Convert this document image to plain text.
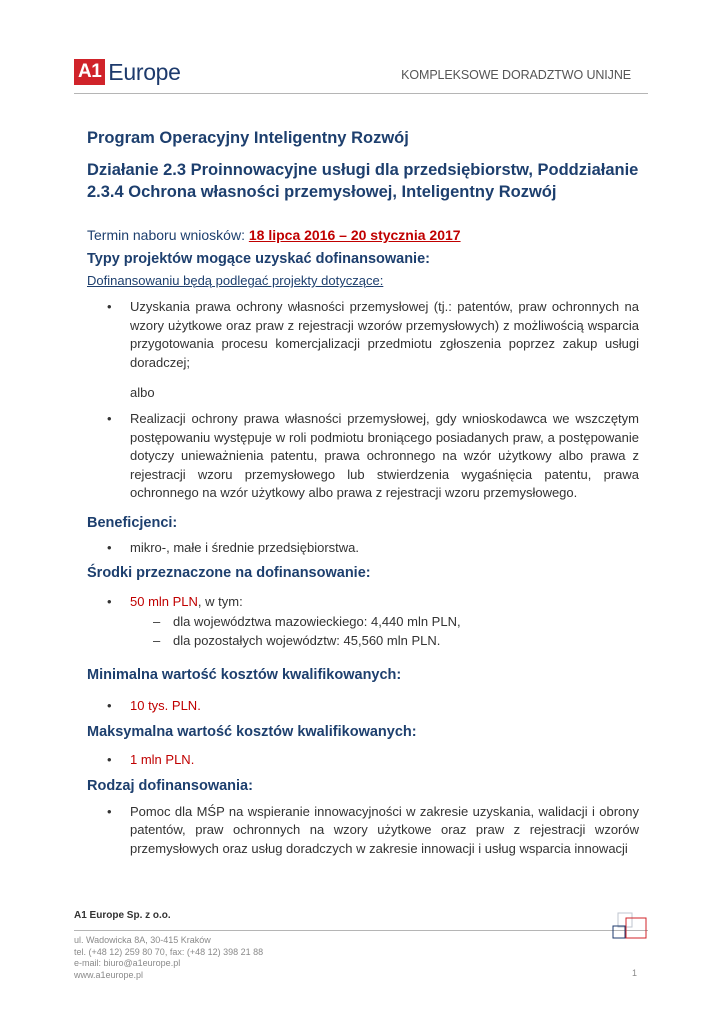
A1 Europe	KOMPLEKSOWE DORADZTWO UNIJNE
Program Operacyjny Inteligentny Rozwój
Działanie 2.3 Proinnowacyjne usługi dla przedsiębiorstw, Poddziałanie
2.3.4 Ochrona własności przemysłowej, Inteligentny Rozwój
Termin naboru wniosków: 18 lipca 2016 – 20 stycznia 2017
Typy projektów mogące uzyskać dofinansowanie:
Dofinansowaniu będą podlegać projekty dotyczące:
• Uzyskania prawa ochrony własności przemysłowej (tj.: patentów, praw ochronnych na wzory użytkowe oraz praw z rejestracji wzorów przemysłowych) z możliwością wsparcia przygotowania procesu komercjalizacji przedmiotu zgłoszenia poprzez zakup usługi doradczej;
albo
• Realizacji ochrony prawa własności przemysłowej, gdy wnioskodawca we wszczętym postępowaniu występuje w roli podmiotu broniącego posiadanych praw, a postępowanie dotyczy unieważnienia patentu, prawa ochronnego na wzór użytkowy albo prawa z rejestracji wzoru przemysłowego lub stwierdzenia wygaśnięcia patentu, prawa ochronnego na wzór użytkowy albo prawa z rejestracji wzoru przemysłowego.
Beneficjenci:
• mikro-, małe i średnie przedsiębiorstwa.
Środki przeznaczone na dofinansowanie:
• 50 mln PLN, w tym:
– dla województwa mazowieckiego: 4,440 mln PLN,
– dla pozostałych województw: 45,560 mln PLN.
Minimalna wartość kosztów kwalifikowanych:
• 10 tys. PLN.
Maksymalna wartość kosztów kwalifikowanych:
• 1 mln PLN.
Rodzaj dofinansowania:
• Pomoc dla MŚP na wspieranie innowacyjności w zakresie uzyskania, walidacji i obrony patentów, praw ochronnych na wzory użytkowe oraz praw z rejestracji wzorów przemysłowych oraz usług doradczych w zakresie innowacji i usług wsparcia innowacji
A1 Europe Sp. z o.o.
ul. Wadowicka 8A, 30-415 Kraków
tel. (+48 12) 259 80 70, fax: (+48 12) 398 21 88
e-mail: biuro@a1europe.pl
www.a1europe.pl	1
